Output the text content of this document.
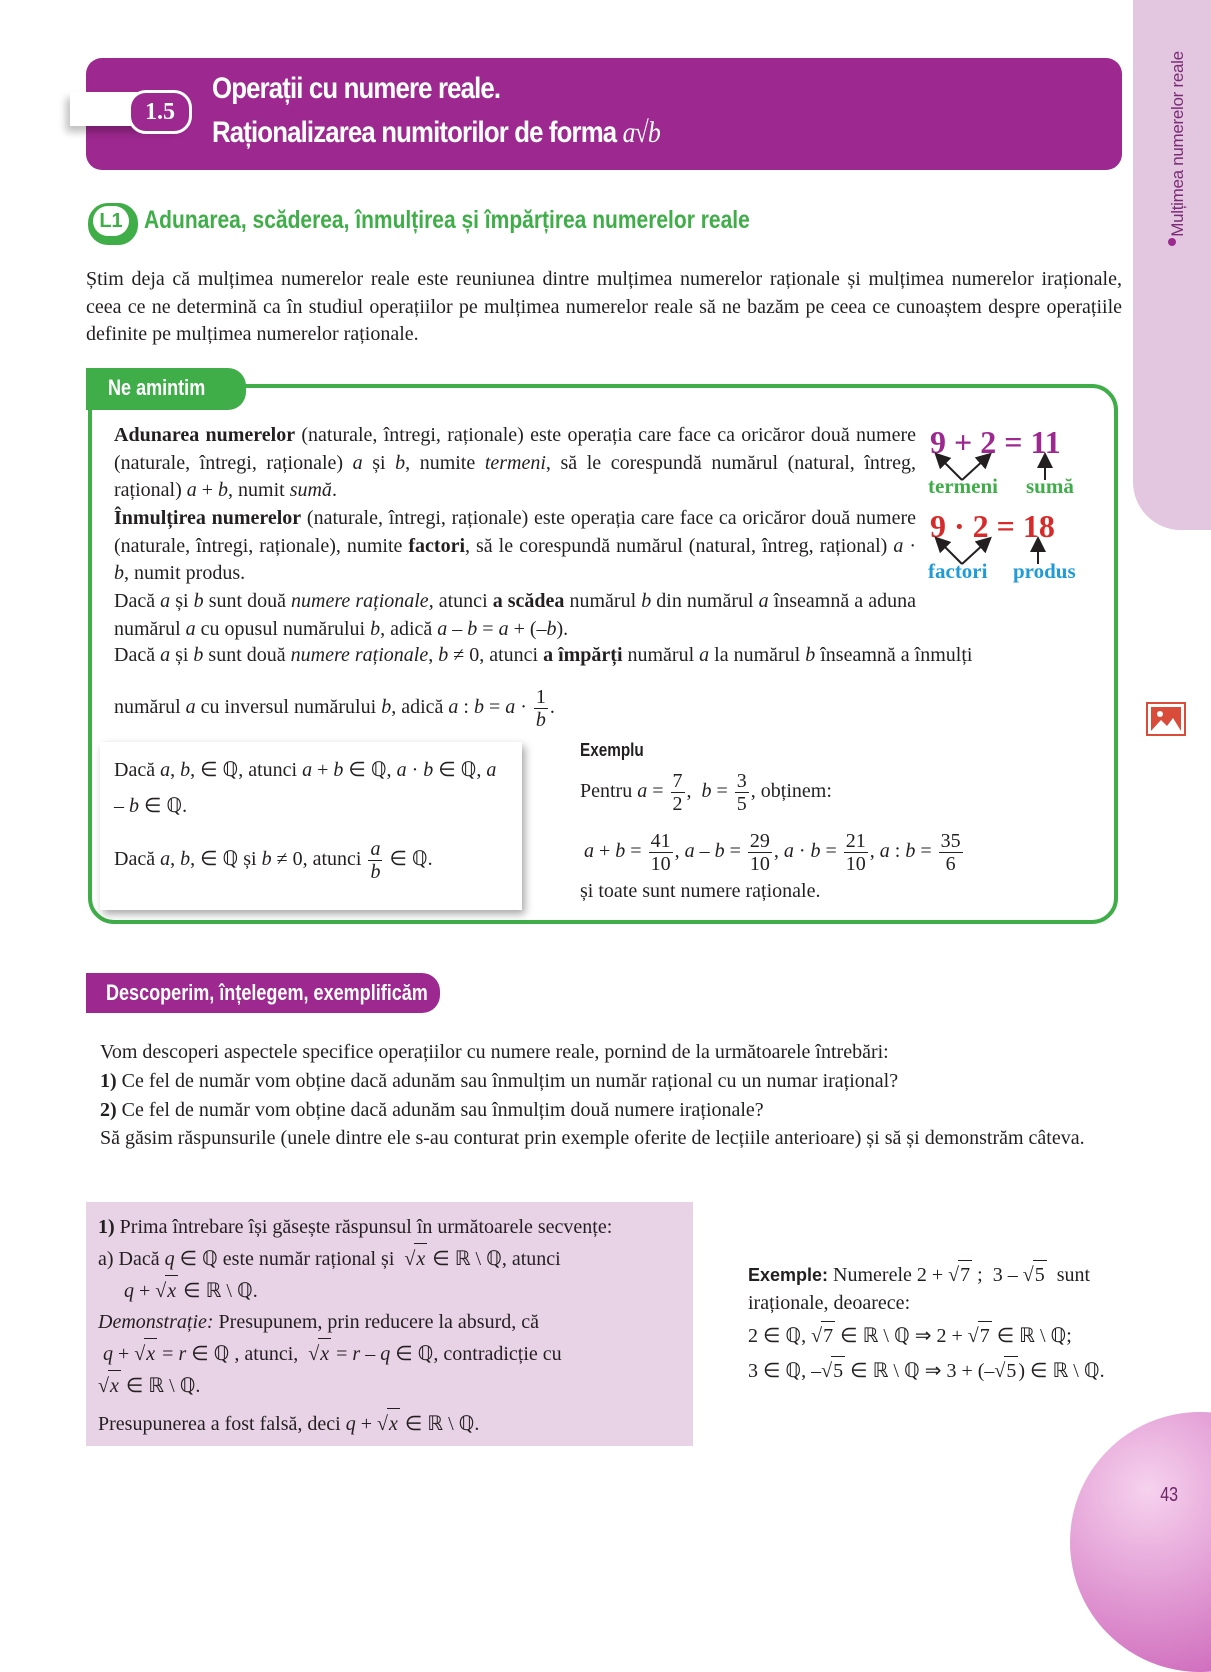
Mulțimea numerelor reale
1.5
Operații cu numere reale.
Raționalizarea numitorilor de forma a√b
L1 Adunarea, scăderea, înmulțirea și împărțirea numerelor reale
Știm deja că mulțimea numerelor reale este reuniunea dintre mulțimea numerelor raționale și mulțimea numerelor iraționale, ceea ce ne determină ca în studiul operațiilor pe mulțimea numerelor reale să ne bazăm pe ceea ce cunoaștem despre operațiile definite pe mulțimea numerelor raționale.
Ne amintim
Adunarea numerelor (naturale, întregi, raționale) este operația care face ca oricăror două numere (naturale, întregi, raționale) a și b, numite termeni, să le corespundă numărul (natural, întreg, rațional) a + b, numit sumă.
Înmulțirea numerelor (naturale, întregi, raționale) este operația care face ca oricăror două numere (naturale, întregi, raționale), numite factori, să le corespundă numărul (natural, întreg, rațional) a · b, numit produs.
Dacă a și b sunt două numere raționale, atunci a scădea numărul b din numărul a înseamnă a aduna numărul a cu opusul numărului b, adică a – b = a + (–b).
Dacă a și b sunt două numere raționale, b ≠ 0, atunci a împărți numărul a la numărul b înseamnă a înmulți
numărul a cu inversul numărului b, adică a : $b = a \cdot \frac{1}{b}$ .
9 + 2 = 11
termeni sumă
9 · 2 = 18
factori produs
Dacă a, b, ∈ ℚ, atunci a + b ∈ ℚ, a · b ∈ ℚ, a – b ∈ ℚ.
Dacă a, b, ∈ ℚ și b ≠ 0, atunci $\frac{a}{b}$ ∈ ℚ.
Exemplu
Pentru $a = \frac{7}{2}$ ,  $b = \frac{3}{5}$ , obținem:
$a + b = \frac{41}{10}$ , $a - b = \frac{29}{10}$ , $a \cdot b = \frac{21}{10}$ , a : $b = \frac{35}{6}$
și toate sunt numere raționale.
Descoperim, înțelegem, exemplificăm

Vom descoperi aspectele specifice operațiilor cu numere reale, pornind de la următoarele întrebări:

1) Ce fel de număr vom obține dacă adunăm sau înmulțim un număr rațional cu un numar irațional?

2) Ce fel de număr vom obține dacă adunăm sau înmulțim două numere iraționale?

Să găsim răspunsurile (unele dintre ele s-au conturat prin exemple oferite de lecțiile anterioare) și să și demonstrăm câteva.

1) Prima întrebare își găsește răspunsul în următoarele secvențe:

a) Dacă q ∈ ℚ este număr rațional și  √x ∈ ℝ \ ℚ, atunci

q + √x ∈ ℝ \ ℚ.

Demonstrație: Presupunem, prin reducere la absurd, că

q + √x = r ∈ ℚ , atunci,  √x = r – q ∈ ℚ, contradicție cu

√x ∈ ℝ \ ℚ.

Presupunerea a fost falsă, deci q + √x ∈ ℝ \ ℚ.

Exemple: Numerele 2 + √7 ;  3 – √5  sunt iraționale, deoarece:

2 ∈ ℚ, √7 ∈ ℝ \ ℚ ⇒ 2 + √7 ∈ ℝ \ ℚ;

3 ∈ ℚ, –√5 ∈ ℝ \ ℚ ⇒ 3 + (–√5 ) ∈ ℝ \ ℚ.

43
